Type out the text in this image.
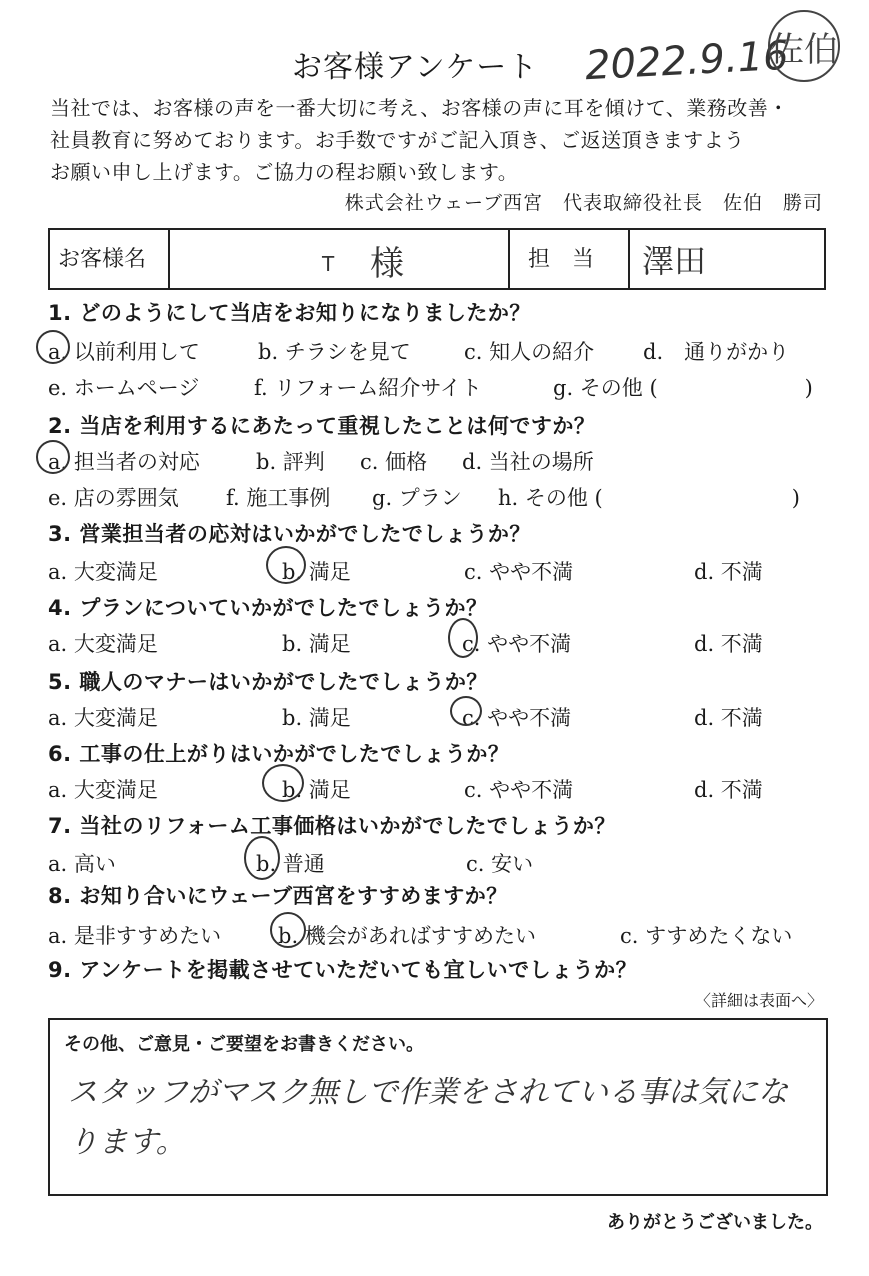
お客様アンケート 2022.9.16
佐伯
当社では、お客様の声を一番大切に考え、お客様の声に耳を傾けて、業務改善・
社員教育に努めております。お手数ですがご記入頂き、ご返送頂きますよう
お願い申し上げます。ご協力の程お願い致します。
株式会社ウェーブ西宮　代表取締役社長　佐伯　勝司
お客様名	T 様	担　当 澤田
1. どのようにして当店をお知りになりましたか？
a. 以前利用して	b. チラシを見て	c. 知人の紹介 d.　通りがかり
e. ホームページ	f. リフォーム紹介サイト	g. その他 (　　　　　　　)
2. 当店を利用するにあたって重視したことは何ですか？
a. 担当者の対応	b. 評判 c. 価格 d. 当社の場所
e. 店の雰囲気 f. 施工事例 g. プラン h. その他 (　　　　　　　　　)
3. 営業担当者の応対はいかがでしたでしょうか？
a. 大変満足	b. 満足	c. やや不満	d. 不満
4. プランについていかがでしたでしょうか？
a. 大変満足	b. 満足	c. やや不満	d. 不満
5. 職人のマナーはいかがでしたでしょうか？
a. 大変満足	b. 満足	c. やや不満	d. 不満
6. 工事の仕上がりはいかがでしたでしょうか？
a. 大変満足	b. 満足	c. やや不満	d. 不満
7. 当社のリフォーム工事価格はいかがでしたでしょうか？
a. 高い	b. 普通	c. 安い
8. お知り合いにウェーブ西宮をすすめますか？
a. 是非すすめたい	b. 機会があればすすめたい	c. すすめたくない
9. アンケートを掲載させていただいても宜しいでしょうか？
〈詳細は表面へ〉
その他、ご意見・ご要望をお書きください。
スタッフがマスク無しで作業をされている事は気になります。
ありがとうございました。
